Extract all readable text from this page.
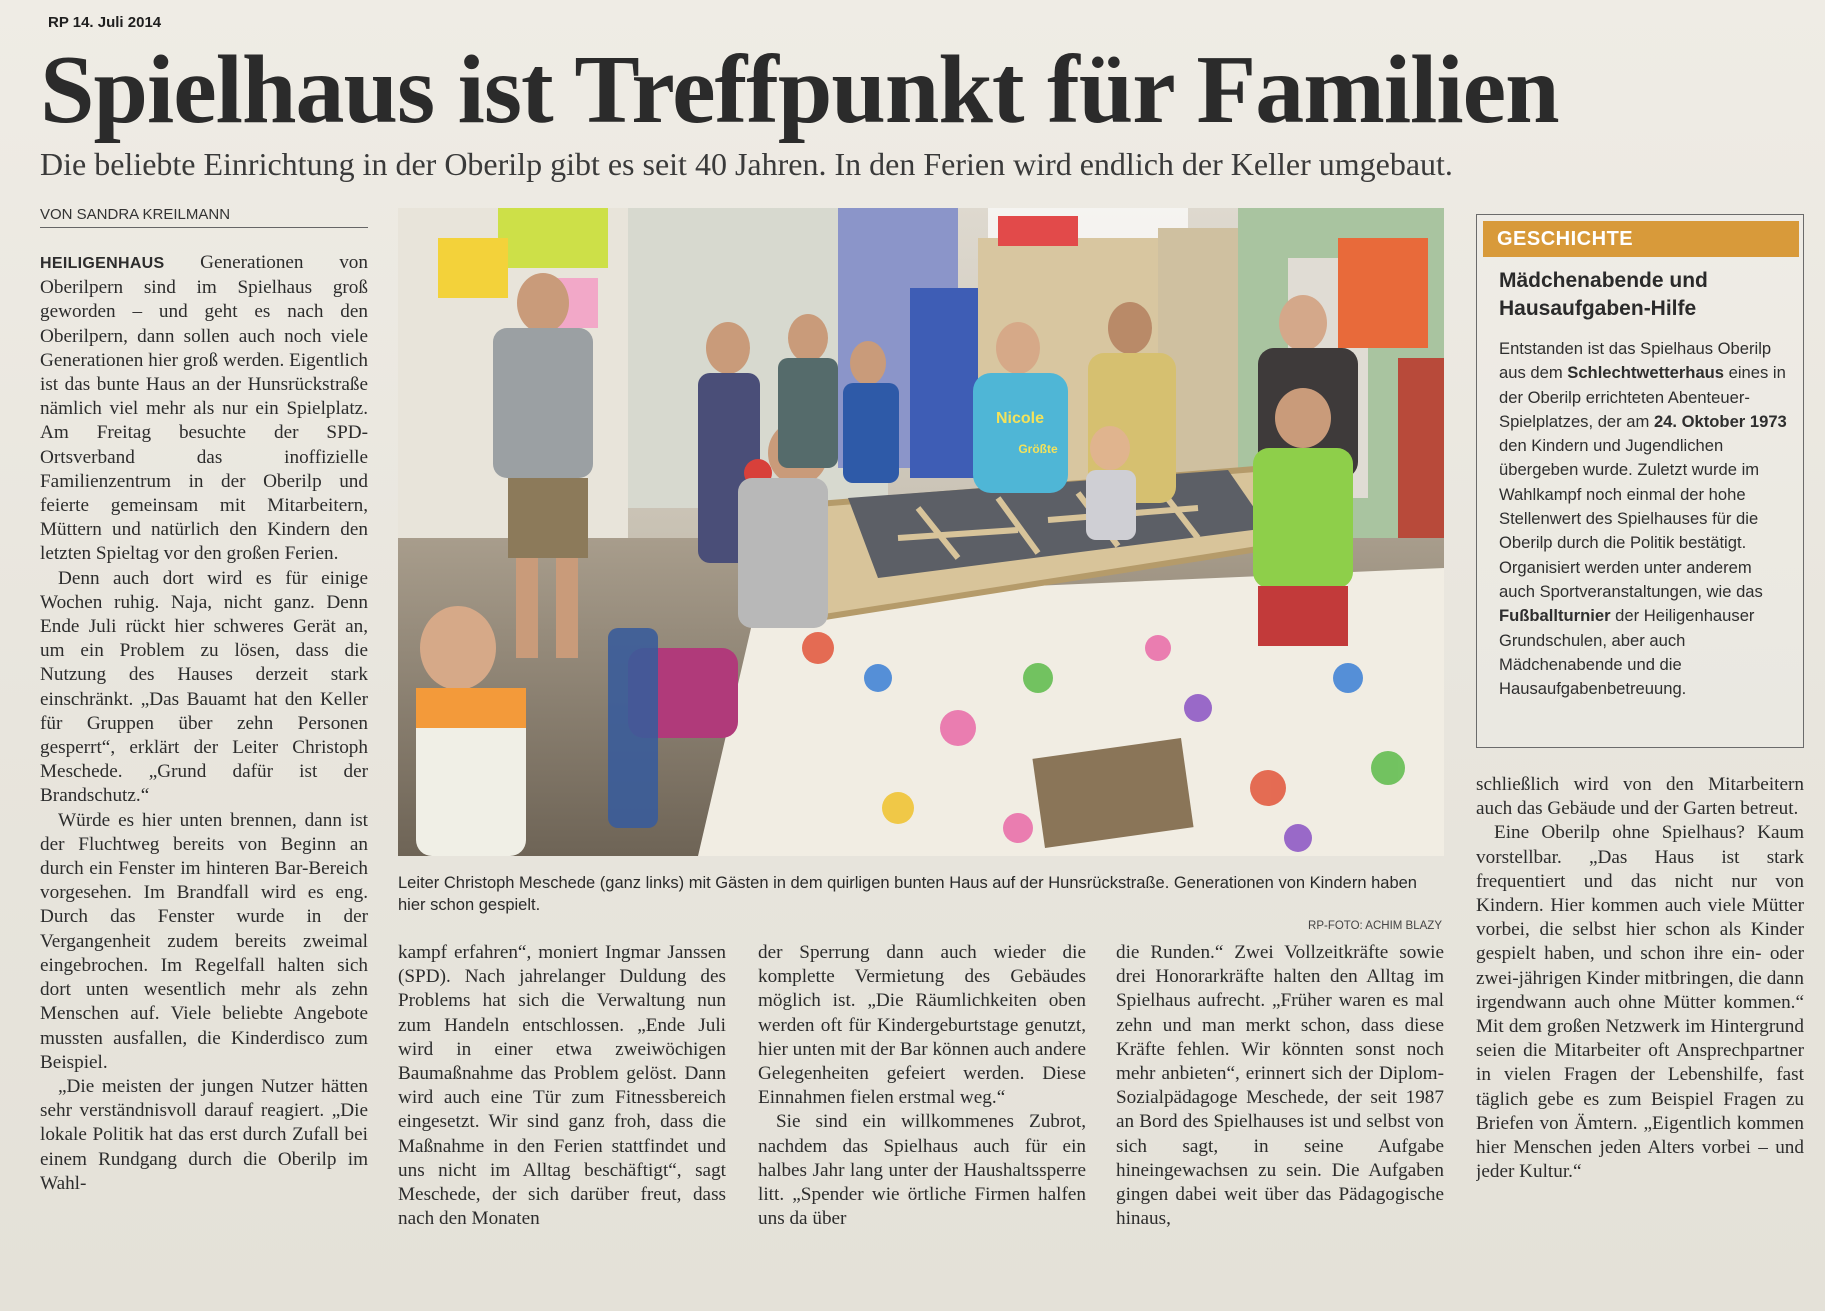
RP 14. Juli 2014
Spielhaus ist Treffpunkt für Familien
Die beliebte Einrichtung in der Oberilp gibt es seit 40 Jahren. In den Ferien wird endlich der Keller umgebaut.
VON SANDRA KREILMANN

HEILIGENHAUS Generationen von Oberilpern sind im Spielhaus groß geworden – und geht es nach den Oberilpern, dann sollen auch noch viele Generationen hier groß werden. Eigentlich ist das bunte Haus an der Hunsrückstraße nämlich viel mehr als nur ein Spielplatz. Am Freitag besuchte der SPD-Ortsverband das inoffizielle Familienzentrum in der Oberilp und feierte gemeinsam mit Mitarbeitern, Müttern und natürlich den Kindern den letzten Spieltag vor den großen Ferien.

Denn auch dort wird es für einige Wochen ruhig. Naja, nicht ganz. Denn Ende Juli rückt hier schweres Gerät an, um ein Problem zu lösen, dass die Nutzung des Hauses derzeit stark einschränkt. „Das Bauamt hat den Keller für Gruppen über zehn Personen gesperrt“, erklärt der Leiter Christoph Meschede. „Grund dafür ist der Brandschutz.“

Würde es hier unten brennen, dann ist der Fluchtweg bereits von Beginn an durch ein Fenster im hinteren Bar-Bereich vorgesehen. Im Brandfall wird es eng. Durch das Fenster wurde in der Vergangenheit zudem bereits zweimal eingebrochen. Im Regelfall halten sich dort unten wesentlich mehr als zehn Menschen auf. Viele beliebte Angebote mussten ausfallen, die Kinderdisco zum Beispiel.

„Die meisten der jungen Nutzer hätten sehr verständnisvoll darauf reagiert. „Die lokale Politik hat das erst durch Zufall bei einem Rundgang durch die Oberilp im Wahl-

Nicole
Größte
Leiter Christoph Meschede (ganz links) mit Gästen in dem quirligen bunten Haus auf der Hunsrückstraße. Generationen von Kindern haben hier schon gespielt.
RP-FOTO: ACHIM BLAZY

kampf erfahren“, moniert Ingmar Janssen (SPD). Nach jahrelanger Duldung des Problems hat sich die Verwaltung nun zum Handeln entschlossen. „Ende Juli wird in einer etwa zweiwöchigen Baumaßnahme das Problem gelöst. Dann wird auch eine Tür zum Fitnessbereich eingesetzt. Wir sind ganz froh, dass die Maßnahme in den Ferien stattfindet und uns nicht im Alltag beschäftigt“, sagt Meschede, der sich darüber freut, dass nach den Monaten

der Sperrung dann auch wieder die komplette Vermietung des Gebäudes möglich ist. „Die Räumlichkeiten oben werden oft für Kindergeburtstage genutzt, hier unten mit der Bar können auch andere Gelegenheiten gefeiert werden. Diese Einnahmen fielen erstmal weg.“

Sie sind ein willkommenes Zubrot, nachdem das Spielhaus auch für ein halbes Jahr lang unter der Haushaltssperre litt. „Spender wie örtliche Firmen halfen uns da über

die Runden.“ Zwei Vollzeitkräfte sowie drei Honorarkräfte halten den Alltag im Spielhaus aufrecht. „Früher waren es mal zehn und man merkt schon, dass diese Kräfte fehlen. Wir könnten sonst noch mehr anbieten“, erinnert sich der Diplom-Sozialpädagoge Meschede, der seit 1987 an Bord des Spielhauses ist und selbst von sich sagt, in seine Aufgabe hineingewachsen zu sein. Die Aufgaben gingen dabei weit über das Pädagogische hinaus,

schließlich wird von den Mitarbeitern auch das Gebäude und der Garten betreut.

Eine Oberilp ohne Spielhaus? Kaum vorstellbar. „Das Haus ist stark frequentiert und das nicht nur von Kindern. Hier kommen auch viele Mütter vorbei, die selbst hier schon als Kinder gespielt haben, und schon ihre ein- oder zwei-jährigen Kinder mitbringen, die dann irgendwann auch ohne Mütter kommen.“ Mit dem großen Netzwerk im Hintergrund seien die Mitarbeiter oft Ansprechpartner in vielen Fragen der Lebenshilfe, fast täglich gebe es zum Beispiel Fragen zu Briefen von Ämtern. „Eigentlich kommen hier Menschen jeden Alters vorbei – und jeder Kultur.“

GESCHICHTE
Mädchenabende und Hausaufgaben-Hilfe
Entstanden ist das Spielhaus Oberilp aus dem Schlechtwetterhaus eines in der Oberilp errichteten Abenteuer-Spielplatzes, der am 24. Oktober 1973 den Kindern und Jugendlichen übergeben wurde. Zuletzt wurde im Wahlkampf noch einmal der hohe Stellenwert des Spielhauses für die Oberilp durch die Politik bestätigt. Organisiert werden unter anderem auch Sportveranstaltungen, wie das Fußballturnier der Heiligenhauser Grundschulen, aber auch Mädchenabende und die Hausaufgabenbetreuung.
